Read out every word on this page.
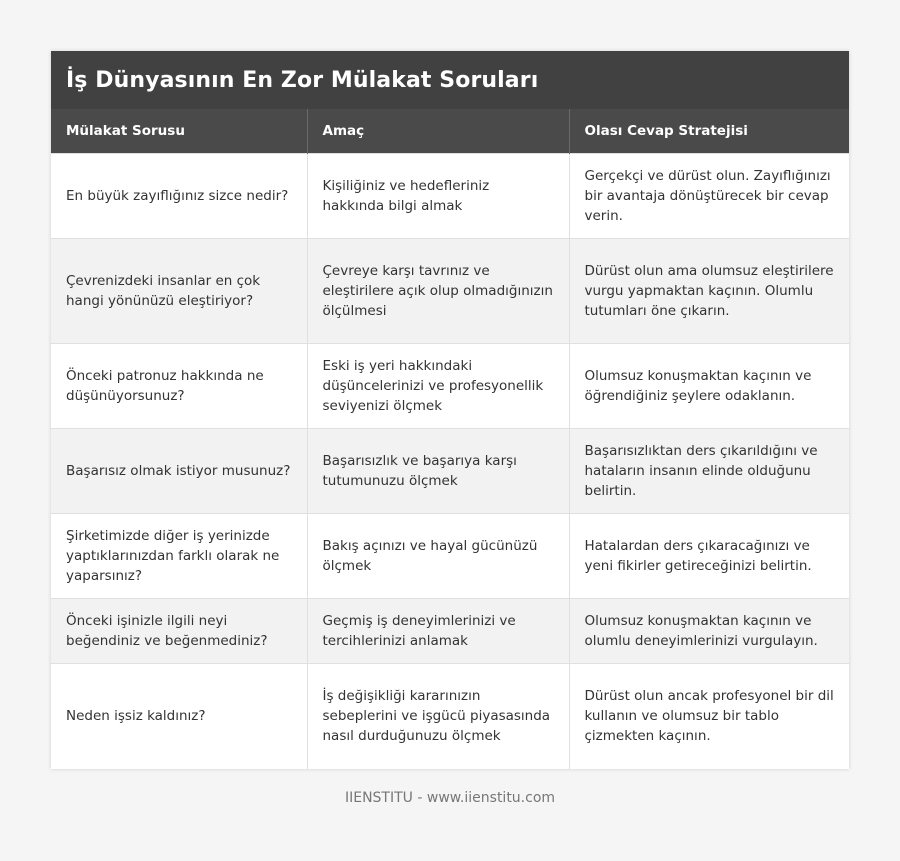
İş Dünyasının En Zor Mülakat Soruları
Mülakat Sorusu	Amaç	Olası Cevap Stratejisi
En büyük zayıflığınız sizce nedir?	Kişiliğiniz ve hedefleriniz hakkında bilgi almak	Gerçekçi ve dürüst olun. Zayıflığınızı bir avantaja dönüştürecek bir cevap verin.
Çevrenizdeki insanlar en çok hangi yönünüzü eleştiriyor?	Çevreye karşı tavrınız ve eleştirilere açık olup olmadığınızın ölçülmesi	Dürüst olun ama olumsuz eleştirilere vurgu yapmaktan kaçının. Olumlu tutumları öne çıkarın.
Önceki patronuz hakkında ne düşünüyorsunuz?	Eski iş yeri hakkındaki düşüncelerinizi ve profesyonellik seviyenizi ölçmek	Olumsuz konuşmaktan kaçının ve öğrendiğiniz şeylere odaklanın.
Başarısız olmak istiyor musunuz?	Başarısızlık ve başarıya karşı tutumunuzu ölçmek	Başarısızlıktan ders çıkarıldığını ve hataların insanın elinde olduğunu belirtin.
Şirketimizde diğer iş yerinizde yaptıklarınızdan farklı olarak ne yaparsınız?	Bakış açınızı ve hayal gücünüzü ölçmek	Hatalardan ders çıkaracağınızı ve yeni fikirler getireceğinizi belirtin.
Önceki işinizle ilgili neyi beğendiniz ve beğenmediniz?	Geçmiş iş deneyimlerinizi ve tercihlerinizi anlamak	Olumsuz konuşmaktan kaçının ve olumlu deneyimlerinizi vurgulayın.
Neden işsiz kaldınız?	İş değişikliği kararınızın sebeplerini ve işgücü piyasasında nasıl durduğunuzu ölçmek	Dürüst olun ancak profesyonel bir dil kullanın ve olumsuz bir tablo çizmekten kaçının.
IIENSTITU - www.iienstitu.com
